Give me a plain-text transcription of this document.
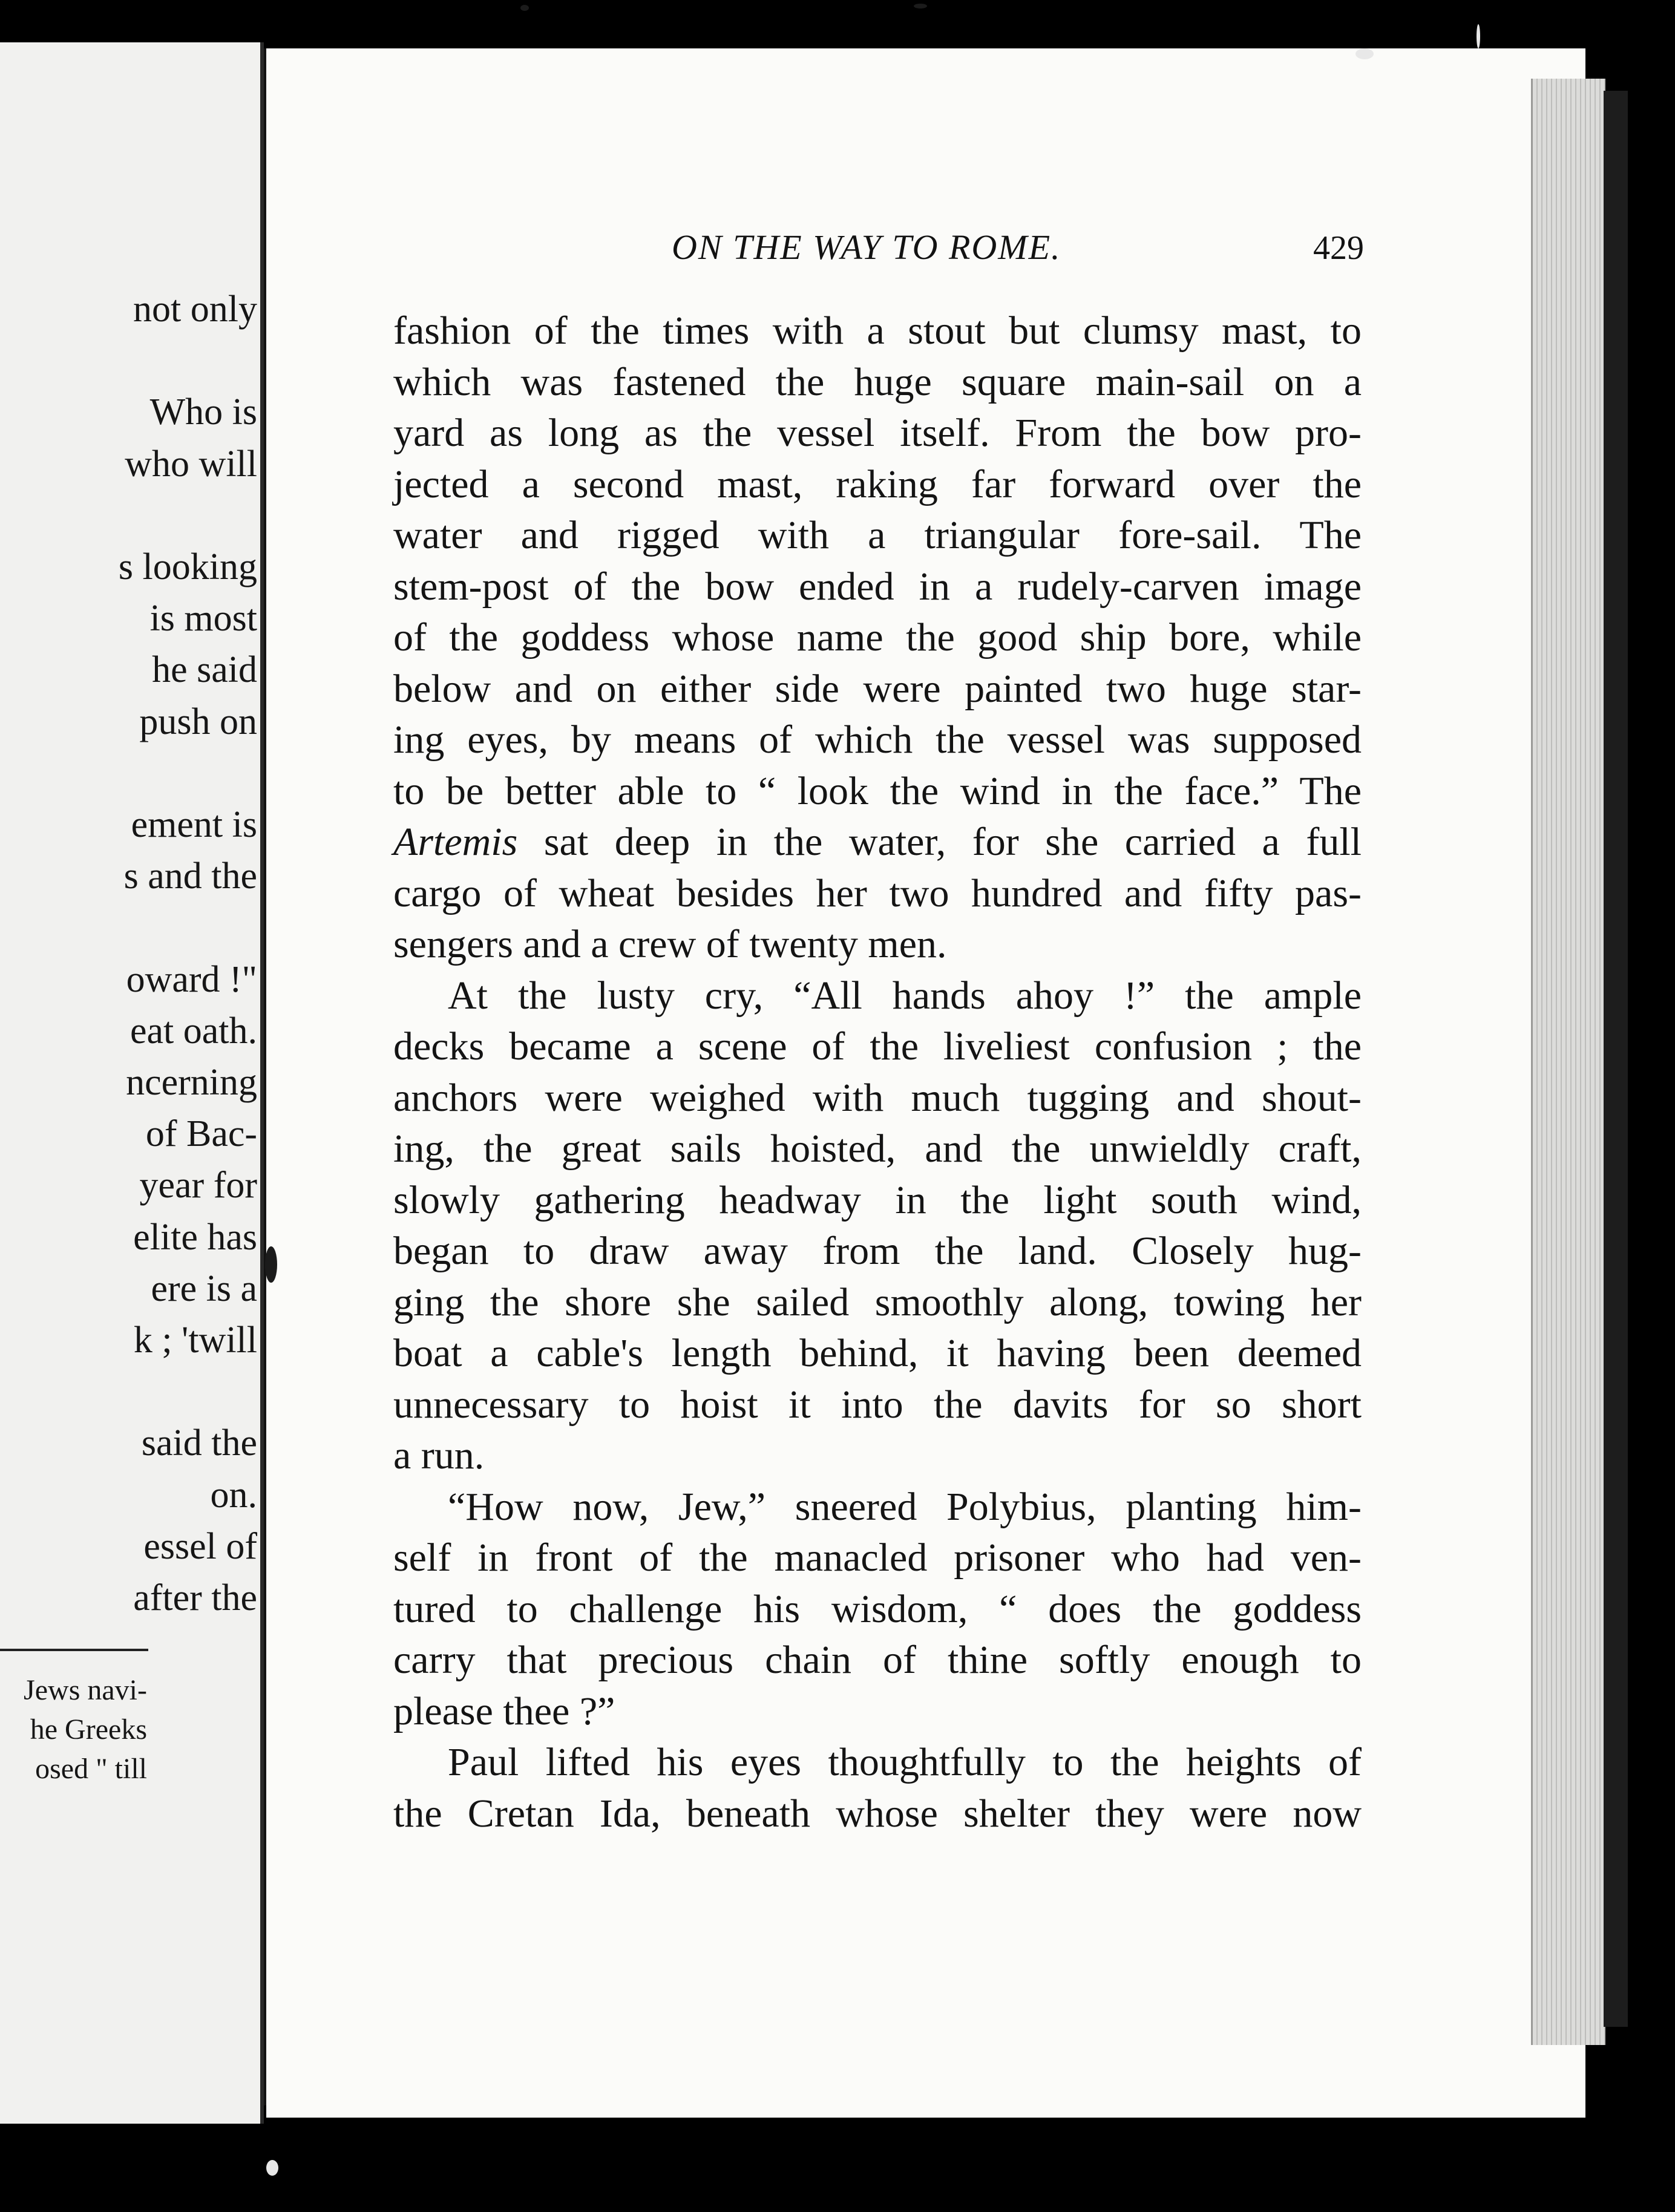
not only
Who is
who will
s looking
is most
he said
push on
ement is
s and the
oward !"
eat oath.
ncerning
of Bac-
year for
elite has
ere is a
k ; 'twill
said the
on.
essel of
after the
Jews navi-
he Greeks
osed " till
ON THE WAY TO ROME.	429
fashion of the times with a stout but clumsy mast, to
which was fastened the huge square main-sail on a
yard as long as the vessel itself. From the bow pro-
jected a second mast, raking far forward over the
water and rigged with a triangular fore-sail. The
stem-post of the bow ended in a rudely-carven image
of the goddess whose name the good ship bore, while
below and on either side were painted two huge star-
ing eyes, by means of which the vessel was supposed
to be better able to “ look the wind in the face.” The
Artemis sat deep in the water, for she carried a full
cargo of wheat besides her two hundred and fifty pas-
sengers and a crew of twenty men.
At the lusty cry, “All hands ahoy !” the ample
decks became a scene of the liveliest confusion ; the
anchors were weighed with much tugging and shout-
ing, the great sails hoisted, and the unwieldly craft,
slowly gathering headway in the light south wind,
began to draw away from the land. Closely hug-
ging the shore she sailed smoothly along, towing her
boat a cable's length behind, it having been deemed
unnecessary to hoist it into the davits for so short
a run.
“How now, Jew,” sneered Polybius, planting him-
self in front of the manacled prisoner who had ven-
tured to challenge his wisdom, “ does the goddess
carry that precious chain of thine softly enough to
please thee ?”
Paul lifted his eyes thoughtfully to the heights of
the Cretan Ida, beneath whose shelter they were now
